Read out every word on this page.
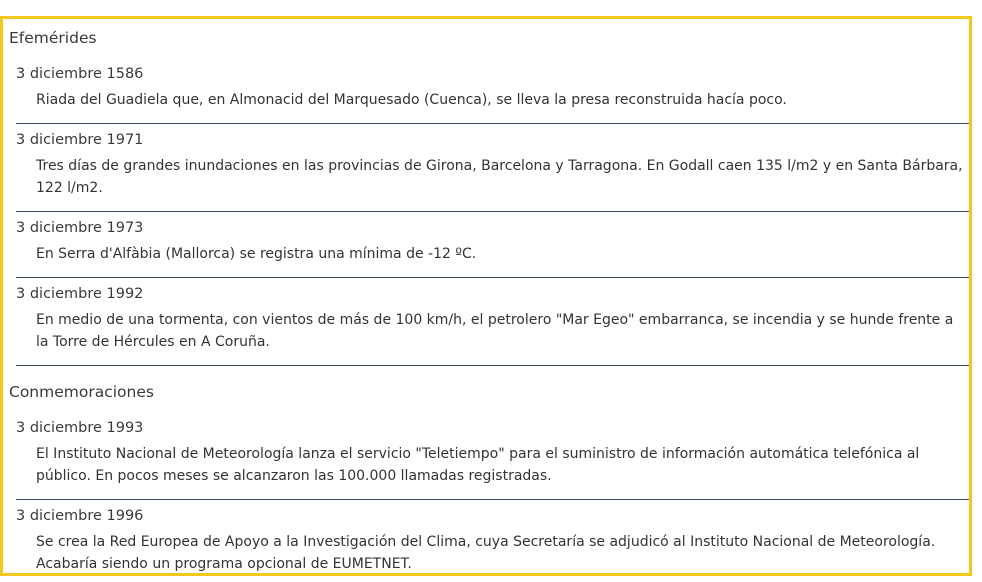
Efemérides
3 diciembre 1586
Riada del Guadiela que, en Almonacid del Marquesado (Cuenca), se lleva la presa reconstruida hacía poco.
3 diciembre 1971
Tres días de grandes inundaciones en las provincias de Girona, Barcelona y Tarragona. En Godall caen 135 l/m2 y en Santa Bárbara, 122 l/m2.
3 diciembre 1973
En Serra d'Alfàbia (Mallorca) se registra una mínima de -12 ºC.
3 diciembre 1992
En medio de una tormenta, con vientos de más de 100 km/h, el petrolero "Mar Egeo" embarranca, se incendia y se hunde frente a la Torre de Hércules en A Coruña.
Conmemoraciones
3 diciembre 1993
El Instituto Nacional de Meteorología lanza el servicio "Teletiempo" para el suministro de información automática telefónica al público. En pocos meses se alcanzaron las 100.000 llamadas registradas.
3 diciembre 1996
Se crea la Red Europea de Apoyo a la Investigación del Clima, cuya Secretaría se adjudicó al Instituto Nacional de Meteorología. Acabaría siendo un programa opcional de EUMETNET.
